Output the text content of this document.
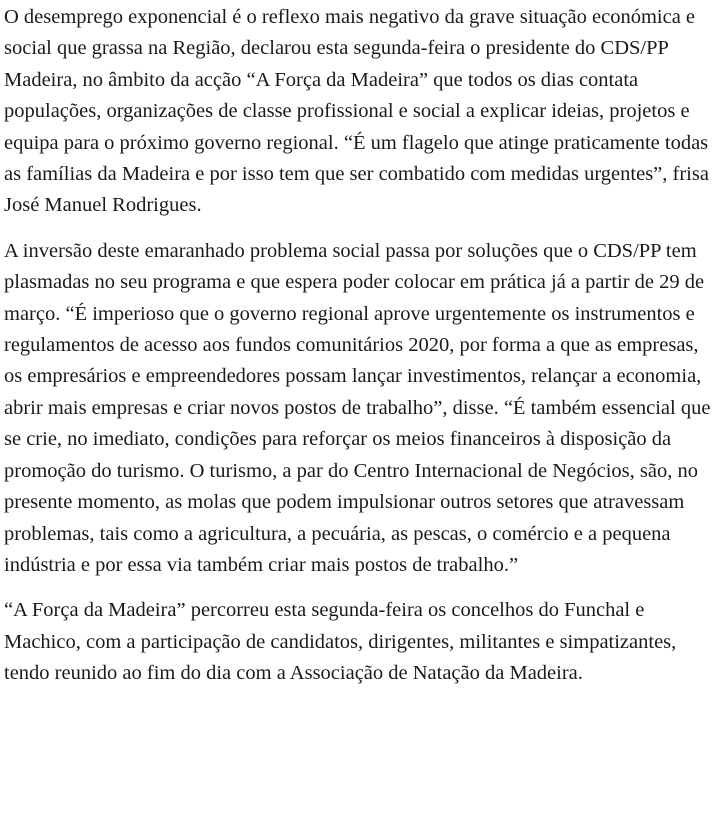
O desemprego exponencial é o reflexo mais negativo da grave situação económica e social que grassa na Região, declarou esta segunda-feira o presidente do CDS/PP Madeira, no âmbito da acção “A Força da Madeira” que todos os dias contata populações, organizações de classe profissional e social a explicar ideias, projetos e equipa para o próximo governo regional. “É um flagelo que atinge praticamente todas as famílias da Madeira e por isso tem que ser combatido com medidas urgentes”, frisa José Manuel Rodrigues.

A inversão deste emaranhado problema social passa por soluções que o CDS/PP tem plasmadas no seu programa e que espera poder colocar em prática já a partir de 29 de março. “É imperioso que o governo regional aprove urgentemente os instrumentos e regulamentos de acesso aos fundos comunitários 2020, por forma a que as empresas, os empresários e empreendedores possam lançar investimentos, relançar a economia, abrir mais empresas e criar novos postos de trabalho”, disse. “É também essencial que se crie, no imediato, condições para reforçar os meios financeiros à disposição da promoção do turismo. O turismo, a par do Centro Internacional de Negócios, são, no presente momento, as molas que podem impulsionar outros setores que atravessam problemas, tais como a agricultura, a pecuária, as pescas, o comércio e a pequena indústria e por essa via também criar mais postos de trabalho.”

“A Força da Madeira” percorreu esta segunda-feira os concelhos do Funchal e Machico, com a participação de candidatos, dirigentes, militantes e simpatizantes, tendo reunido ao fim do dia com a Associação de Natação da Madeira.
